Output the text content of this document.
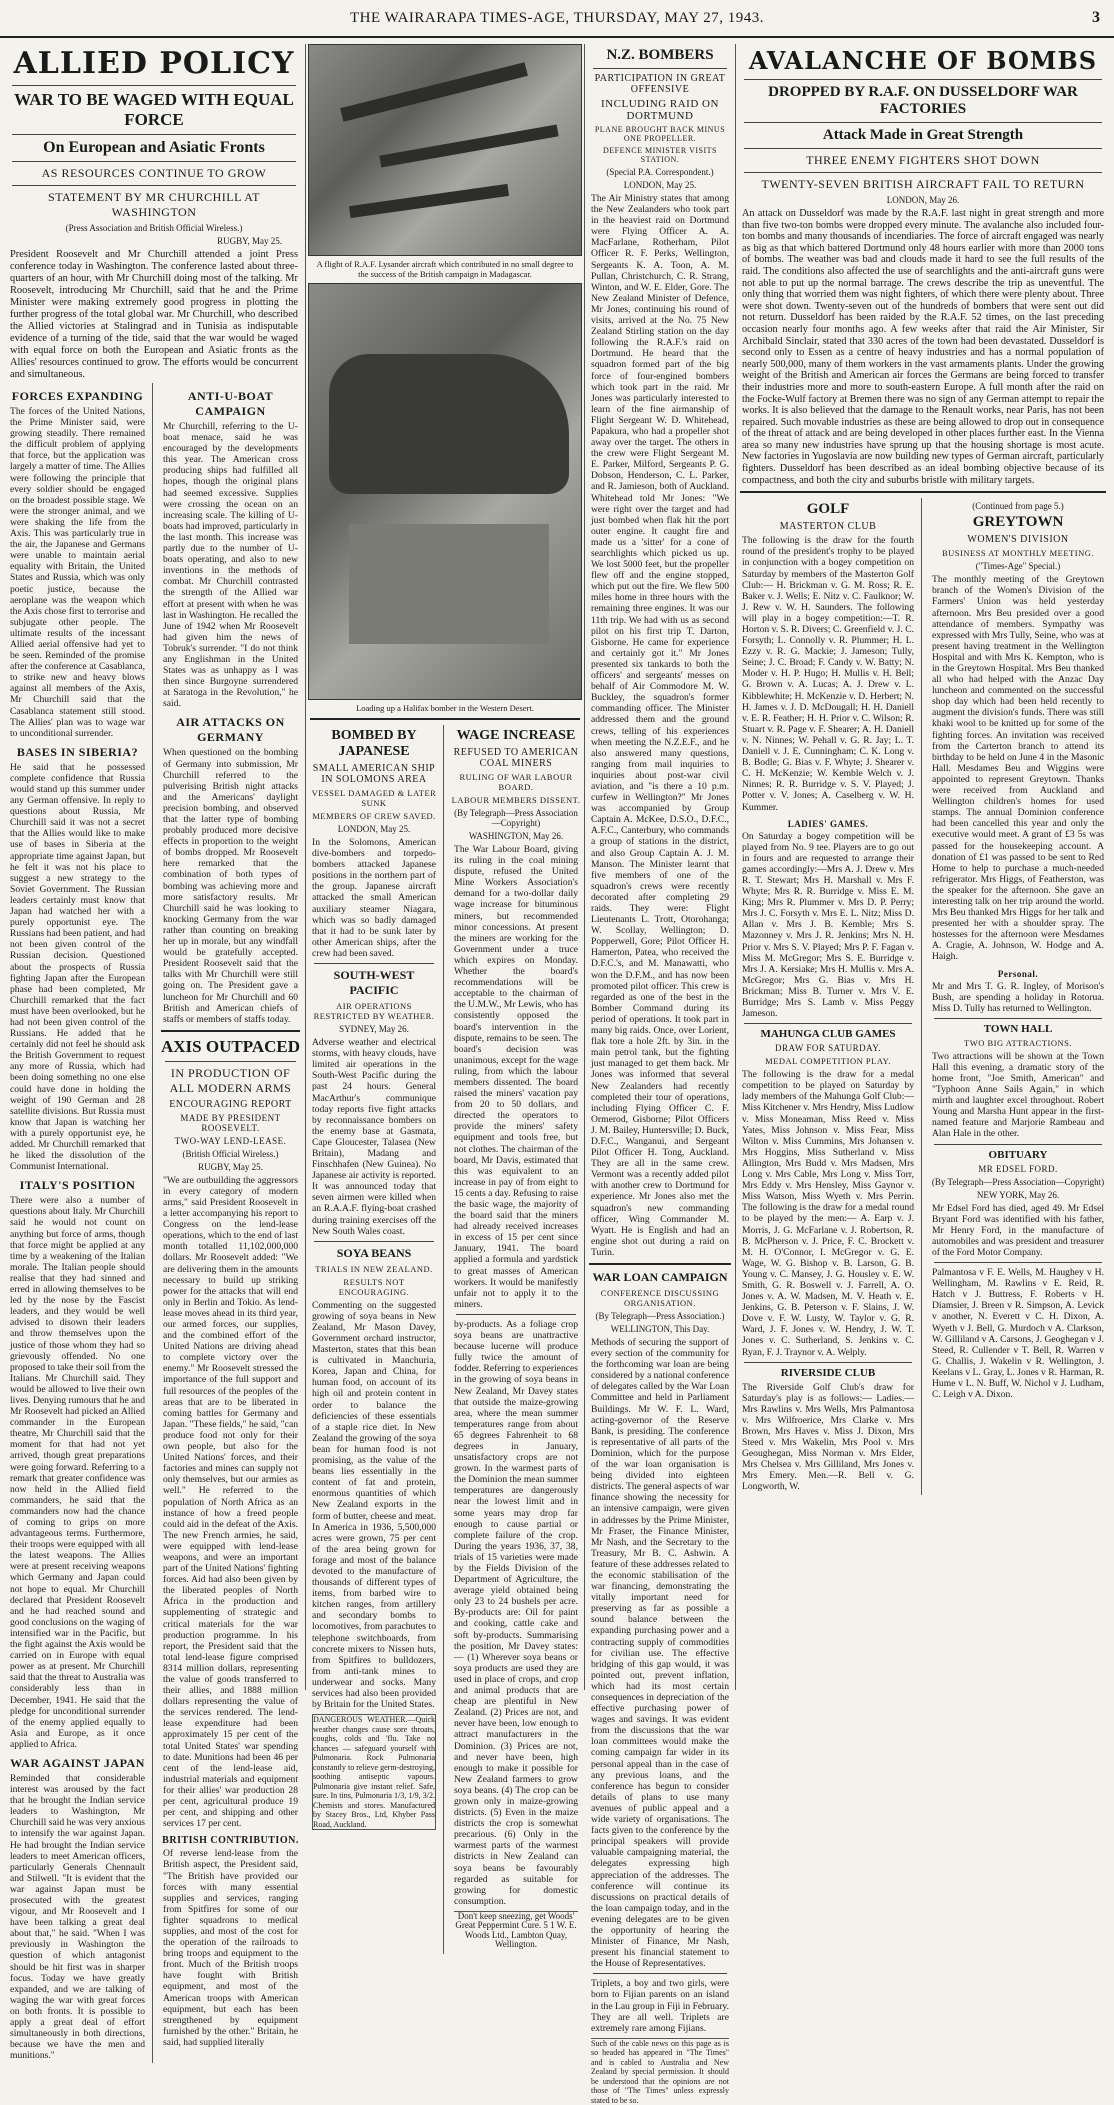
THE WAIRARAPA TIMES-AGE, THURSDAY, MAY 27, 1943.	3
ALLIED POLICY
WAR TO BE WAGED WITH EQUAL FORCE
On European and Asiatic Fronts
AS RESOURCES CONTINUE TO GROW
STATEMENT BY MR CHURCHILL AT WASHINGTON
(Press Association and British Official Wireless.)
RUGBY, May 25.
President Roosevelt and Mr Churchill attended a joint Press conference today in Washington. The conference lasted about three-quarters of an hour, with Mr Churchill doing most of the talking. Mr Roosevelt, introducing Mr Churchill, said that he and the Prime Minister were making extremely good progress in plotting the further progress of the total global war. Mr Churchill, who described the Allied victories at Stalingrad and in Tunisia as indisputable evidence of a turning of the tide, said that the war would be waged with equal force on both the European and Asiatic fronts as the Allies' resources continued to grow. The efforts would be concurrent and simultaneous.
FORCES EXPANDING
The forces of the United Nations, the Prime Minister said, were growing steadily. There remained the difficult problem of applying that force, but the application was largely a matter of time. The Allies were following the principle that every soldier should be engaged on the broadest possible stage. We were the stronger animal, and we were shaking the life from the Axis. This was particularly true in the air, the Japanese and Germans were unable to maintain aerial equality with Britain, the United States and Russia, which was only poetic justice, because the aeroplane was the weapon which the Axis chose first to terrorise and subjugate other people. The ultimate results of the incessant Allied aerial offensive had yet to be seen. Reminded of the promise after the conference at Casablanca, to strike new and heavy blows against all members of the Axis, Mr Churchill said that the Casablanca statement still stood. The Allies' plan was to wage war to unconditional surrender.
BASES IN SIBERIA?
He said that he possessed complete confidence that Russia would stand up this summer under any German offensive. In reply to questions about Russia, Mr Churchill said it was not a secret that the Allies would like to make use of bases in Siberia at the appropriate time against Japan, but he felt it was not his place to suggest a new strategy to the Soviet Government. The Russian leaders certainly must know that Japan had watched her with a purely opportunist eye. The Russians had been patient, and had not been given control of the Russian decision. Questioned about the prospects of Russia fighting Japan after the European phase had been completed, Mr Churchill remarked that the fact must have been overlooked, but he had not been given control of the Russians. He added that he certainly did not feel he should ask the British Government to request any more of Russia, which had been doing something no one else could have done in holding the weight of 190 German and 28 satellite divisions. But Russia must know that Japan is watching her with a purely opportunist eye, he added. Mr Churchill remarked that he liked the dissolution of the Communist International.
ITALY'S POSITION
There were also a number of questions about Italy. Mr Churchill said he would not count on anything but force of arms, though that force might be applied at any time by a weakening of the Italian morale. The Italian people should realise that they had sinned and erred in allowing themselves to be led by the nose by the Fascist leaders, and they would be well advised to disown their leaders and throw themselves upon the justice of those whom they had so grievously offended. No one proposed to take their soil from the Italians. Mr Churchill said. They would be allowed to live their own lives. Denying rumours that he and Mr Roosevelt had picked an Allied commander in the European theatre, Mr Churchill said that the moment for that had not yet arrived, though great preparations were going forward. Referring to a remark that greater confidence was now held in the Allied field commanders, he said that the commanders now had the chance of coming to grips on more advantageous terms. Furthermore, their troops were equipped with all the latest weapons. The Allies were at present receiving weapons which Germany and Japan could not hope to equal. Mr Churchill declared that President Roosevelt and he had reached sound and good conclusions on the waging of intensified war in the Pacific, but the fight against the Axis would be carried on in Europe with equal power as at present. Mr Churchill said that the threat to Australia was considerably less than in December, 1941. He said that the pledge for unconditional surrender of the enemy applied equally to Asia and Europe, as it once applied to Africa.
WAR AGAINST JAPAN
Reminded that considerable interest was aroused by the fact that he brought the Indian service leaders to Washington, Mr Churchill said he was very anxious to intensify the war against Japan. He had brought the Indian service leaders to meet American officers, particularly Generals Chennault and Stilwell. "It is evident that the war against Japan must be prosecuted with the greatest vigour, and Mr Roosevelt and I have been talking a great deal about that," he said. "When I was previously in Washington the question of which antagonist should be hit first was in sharper focus. Today we have greatly expanded, and we are talking of waging the war with great forces on both fronts. It is possible to apply a great deal of effort simultaneously in both directions, because we have the men and munitions."
ANTI-U-BOAT CAMPAIGN
Mr Churchill, referring to the U-boat menace, said he was encouraged by the developments this year. The American cross producing ships had fulfilled all hopes, though the original plans had seemed excessive. Supplies were crossing the ocean on an increasing scale. The killing of U-boats had improved, particularly in the last month. This increase was partly due to the number of U-boats operating, and also to new inventions in the methods of combat. Mr Churchill contrasted the strength of the Allied war effort at present with when he was last in Washington. He recalled the June of 1942 when Mr Roosevelt had given him the news of Tobruk's surrender. "I do not think any Englishman in the United States was as unhappy as I was then since Burgoyne surrendered at Saratoga in the Revolution," he said.
AIR ATTACKS ON GERMANY
When questioned on the bombing of Germany into submission, Mr Churchill referred to the pulverising British night attacks and the Americans' daylight precision bombing, and observed that the latter type of bombing probably produced more decisive effects in proportion to the weight of bombs dropped. Mr Roosevelt here remarked that the combination of both types of bombing was achieving more and more satisfactory results. Mr Churchill said he was looking to knocking Germany from the war rather than counting on breaking her up in morale, but any windfall would be gratefully accepted. President Roosevelt said that the talks with Mr Churchill were still going on. The President gave a luncheon for Mr Churchill and 60 British and American chiefs of staffs or members of staffs today.
AXIS OUTPACED
IN PRODUCTION OF ALL MODERN ARMS
ENCOURAGING REPORT
MADE BY PRESIDENT ROOSEVELT.
TWO-WAY LEND-LEASE.
(British Official Wireless.)
RUGBY, May 25.
"We are outbuilding the aggressors in every category of modern arms," said President Roosevelt in a letter accompanying his report to Congress on the lend-lease operations, which to the end of last month totalled 11,102,000,000 dollars. Mr Roosevelt added: "We are delivering them in the amounts necessary to build up striking power for the attacks that will end only in Berlin and Tokio. As lend-lease moves ahead in its third year, our armed forces, our supplies, and the combined effort of the United Nations are driving ahead to complete victory over the enemy." Mr Roosevelt stressed the importance of the full support and full resources of the peoples of the areas that are to be liberated in coming battles for Germany and Japan. "These fields," he said, "can produce food not only for their own people, but also for the United Nations' forces, and their factories and mines can supply not only themselves, but our armies as well." He referred to the population of North Africa as an instance of how a freed people could aid in the defeat of the Axis. The new French armies, he said, were equipped with lend-lease weapons, and were an important part of the United Nations' fighting forces. Aid had also been given by the liberated peoples of North Africa in the production and supplementing of strategic and critical materials for the war production programme. In his report, the President said that the total lend-lease figure comprised 8314 million dollars, representing the value of goods transferred to their allies, and 1888 million dollars representing the value of the services rendered. The lend-lease expenditure had been approximately 15 per cent of the total United States' war spending to date. Munitions had been 46 per cent of the lend-lease aid, industrial materials and equipment for their allies' war production 28 per cent, agricultural produce 19 per cent, and shipping and other services 17 per cent.
BRITISH CONTRIBUTION.
Of reverse lend-lease from the British aspect, the President said, "The British have provided our forces with many essential supplies and services, ranging from Spitfires for some of our fighter squadrons to medical supplies, and most of the cost for the operation of the railroads to bring troops and equipment to the front. Much of the British troops have fought with British equipment, and most of the American troops with American equipment, but each has been strengthened by equipment furnished by the other." Britain, he said, had supplied literally
A flight of R.A.F. Lysander aircraft which contributed in no small degree to the success of the British campaign in Madagascar.
Loading up a Halifax bomber in the Western Desert.
BOMBED BY JAPANESE
SMALL AMERICAN SHIP IN SOLOMONS AREA
VESSEL DAMAGED & LATER SUNK
MEMBERS OF CREW SAVED.
LONDON, May 25.
In the Solomons, American dive-bombers and torpedo-bombers attacked Japanese positions in the northern part of the group. Japanese aircraft attacked the small American auxiliary steamer Niagara, which was so badly damaged that it had to be sunk later by other American ships, after the crew had been saved.
SOUTH-WEST PACIFIC
AIR OPERATIONS RESTRICTED BY WEATHER.
SYDNEY, May 26.
Adverse weather and electrical storms, with heavy clouds, have limited air operations in the South-West Pacific during the past 24 hours. General MacArthur's communique today reports five fight attacks by reconnaissance bombers on the enemy base at Gasmata, Cape Gloucester, Talasea (New Britain), Madang and Finschhafen (New Guinea). No Japanese air activity is reported. It was announced today that seven airmen were killed when an R.A.A.F. flying-boat crashed during training exercises off the New South Wales coast.
SOYA BEANS
TRIALS IN NEW ZEALAND.
RESULTS NOT ENCOURAGING.
Commenting on the suggested growing of soya beans in New Zealand, Mr Mason Davey, Government orchard instructor, Masterton, states that this bean is cultivated in Manchuria, Korea, Japan and China, for human food, on account of its high oil and protein content in order to balance the deficiencies of these essentials of a staple rice diet. In New Zealand the growing of the soya bean for human food is not promising, as the value of the beans lies essentially in the content of fat and protein, enormous quantities of which New Zealand exports in the form of butter, cheese and meat. In America in 1936, 5,500,000 acres were grown, 75 per cent of the area being grown for forage and most of the balance devoted to the manufacture of thousands of different types of items, from barbed wire to kitchen ranges, from artillery and secondary bombs to locomotives, from parachutes to telephone switchboards, from concrete mixers to Nissen huts, from Spitfires to bulldozers, from anti-tank mines to underwear and socks. Many services had also been provided by Britain for the United States.
DANGEROUS WEATHER.—Quick weather changes cause sore throats, coughs, colds and 'flu. Take no chances — safeguard yourself with Pulmonaria. Rock Pulmonaria constantly to relieve germ-destroying, soothing antiseptic vapours. Pulmonaria give instant relief. Safe, sure. In tins, Pulmonaria 1/3, 1/9, 3/2. Chemists and stores. Manufactured by Stacey Bros., Ltd, Khyber Pass Road, Auckland.
WAGE INCREASE
REFUSED TO AMERICAN COAL MINERS
RULING OF WAR LABOUR BOARD.
LABOUR MEMBERS DISSENT.
(By Telegraph—Press Association—Copyright)
WASHINGTON, May 26.
The War Labour Board, giving its ruling in the coal mining dispute, refused the United Mine Workers Association's demand for a two-dollar daily wage increase for bituminous miners, but recommended minor concessions. At present the miners are working for the Government under a truce which expires on Monday. Whether the board's recommendations will be acceptable to the chairman of the U.M.W., Mr Lewis, who has consistently opposed the board's intervention in the dispute, remains to be seen. The board's decision was unanimous, except for the wage ruling, from which the labour members dissented. The board raised the miners' vacation pay from 20 to 50 dollars, and directed the operators to provide the miners' safety equipment and tools free, but not clothes. The chairman of the board, Mr Davis, estimated that this was equivalent to an increase in pay of from eight to 15 cents a day. Refusing to raise the basic wage, the majority of the board said that the miners had already received increases in excess of 15 per cent since January, 1941. The board applied a formula and yardstick to great masses of American workers. It would be manifestly unfair not to apply it to the miners.
by-products. As a foliage crop soya beans are unattractive because lucerne will produce fully twice the amount of fodder. Referring to experiences in the growing of soya beans in New Zealand, Mr Davey states that outside the maize-growing area, where the mean summer temperatures range from about 65 degrees Fahrenheit to 68 degrees in January, unsatisfactory crops are not grown. In the warmest parts of the Dominion the mean summer temperatures are dangerously near the lowest limit and in some years may drop far enough to cause partial or complete failure of the crop. During the years 1936, 37, 38, trials of 15 varieties were made by the Fields Division of the Department of Agriculture, the average yield obtained being only 23 to 24 bushels per acre. By-products are: Oil for paint and cooking, cattle cake and soft by-products. Summarising the position, Mr Davey states:— (1) Wherever soya beans or soya products are used they are used in place of crops, and crop and animal products that are cheap are plentiful in New Zealand. (2) Prices are not, and never have been, low enough to attract manufacturers in the Dominion. (3) Prices are not, and never have been, high enough to make it possible for New Zealand farmers to grow soya beans. (4) The crop can be grown only in maize-growing districts. (5) Even in the maize districts the crop is somewhat precarious. (6) Only in the warmest parts of the warmest districts in New Zealand can soya beans be favourably regarded as suitable for growing for domestic consumption.
Don't keep sneezing, get Woods' Great Peppermint Cure. 5 1 W. E. Woods Ltd., Lambton Quay, Wellington.
N.Z. BOMBERS
PARTICIPATION IN GREAT OFFENSIVE
INCLUDING RAID ON DORTMUND
PLANE BROUGHT BACK MINUS ONE PROPELLER.
DEFENCE MINISTER VISITS STATION.
(Special P.A. Correspondent.)
LONDON, May 25.
The Air Ministry states that among the New Zealanders who took part in the heaviest raid on Dortmund were Flying Officer A. A. MacFarlane, Rotherham, Pilot Officer R. F. Perks, Wellington, Sergeants K. A. Toon, A. M. Pullan, Christchurch, C. R. Strang, Winton, and W. E. Elder, Gore. The New Zealand Minister of Defence, Mr Jones, continuing his round of visits, arrived at the No. 75 New Zealand Stirling station on the day following the R.A.F.'s raid on Dortmund. He heard that the squadron formed part of the big force of four-engined bombers which took part in the raid. Mr Jones was particularly interested to learn of the fine airmanship of Flight Sergeant W. D. Whitehead, Papakura, who had a propeller shot away over the target. The others in the crew were Flight Sergeant M. E. Parker, Milford, Sergeants P. G. Dobson, Henderson, C. L. Parker, and R. Jamieson, both of Auckland. Whitehead told Mr Jones: "We were right over the target and had just bombed when flak hit the port outer engine. It caught fire and made us a 'sitter' for a cone of searchlights which picked us up. We lost 5000 feet, but the propeller flew off and the engine stopped, which put out the fire. We flew 500 miles home in three hours with the remaining three engines. It was our 11th trip. We had with us as second pilot on his first trip T. Darton, Gisborne. He came for experience and certainly got it." Mr Jones presented six tankards to both the officers' and sergeants' messes on behalf of Air Commodore M. W. Buckley, the squadron's former commanding officer. The Minister addressed them and the ground crews, telling of his experiences when meeting the N.Z.E.F., and he also answered many questions, ranging from mail inquiries to inquiries about post-war civil aviation, and "is there a 10 p.m. curfew in Wellington?" Mr Jones was accompanied by Group Captain A. McKee, D.S.O., D.F.C., A.F.C., Canterbury, who commands a group of stations in the district, and also Group Captain A. J. M. Manson. The Minister learnt that five members of one of the squadron's crews were recently decorated after completing 29 raids. They were: Flight Lieutenants L. Trott, Otorohanga; W. Scollay, Wellington; D. Popperwell, Gore; Pilot Officer H. Hamerton, Patea, who received the D.F.C.'s, and M. Manawatti, who won the D.F.M., and has now been promoted pilot officer. This crew is regarded as one of the best in the Bomber Command during its period of operations. It took part in many big raids. Once, over Lorient, flak tore a hole 2ft. by 3in. in the main petrol tank, but the fighting just managed to get them back. Mr Jones was informed that several New Zealanders had recently completed their tour of operations, including Flying Officer C. F. Ormerod, Gisborne; Pilot Officers J. M. Bailey, Huntersville; D. Buck, D.F.C., Wanganui, and Sergeant Pilot Officer H. Tong, Auckland. They are all in the same crew. Vermont was a recently added pilot with another crew to Dortmund for experience. Mr Jones also met the squadron's new commanding officer, Wing Commander M. Wyatt. He is English and had an engine shot out during a raid on Turin.
WAR LOAN CAMPAIGN
CONFERENCE DISCUSSING ORGANISATION.
(By Telegraph—Press Association.)
WELLINGTON, This Day.
Methods of securing the support of every section of the community for the forthcoming war loan are being considered by a national conference of delegates called by the War Loan Committee and held in Parliament Buildings. Mr W. F. L. Ward, acting-governor of the Reserve Bank, is presiding. The conference is representative of all parts of the Dominion, which for the purpose of the war loan organisation is being divided into eighteen districts. The general aspects of war finance showing the necessity for an intensive campaign, were given in addresses by the Prime Minister, Mr Fraser, the Finance Minister, Mr Nash, and the Secretary to the Treasury, Mr B. C. Ashwin. A feature of these addresses related to the economic stabilisation of the war financing, demonstrating the vitally important need for preserving as far as possible a sound balance between the expanding purchasing power and a contracting supply of commodities for civilian use. The effective bridging of this gap would, it was pointed out, prevent inflation, which had its most certain consequences in depreciation of the effective purchasing power of wages and savings. It was evident from the discussions that the war loan committees would make the coming campaign far wider in its personal appeal than in the case of any previous loans, and the conference has begun to consider details of plans to use many avenues of public appeal and a wide variety of organisations. The facts given to the conference by the principal speakers will provide valuable campaigning material, the delegates expressing high appreciation of the addresses. The conference will continue its discussions on practical details of the loan campaign today, and in the evening delegates are to be given the opportunity of hearing the Minister of Finance, Mr Nash, present his financial statement to the House of Representatives.
Triplets, a boy and two girls, were born to Fijian parents on an island in the Lau group in Fiji in February. They are all well. Triplets are extremely rare among Fijians.
Such of the cable news on this page as is so headed has appeared in "The Times" and is cabled to Australia and New Zealand by special permission. It should be understood that the opinions are not those of "The Times" unless expressly stated to be so.
AVALANCHE OF BOMBS
DROPPED BY R.A.F. ON DUSSELDORF WAR FACTORIES
Attack Made in Great Strength
THREE ENEMY FIGHTERS SHOT DOWN
TWENTY-SEVEN BRITISH AIRCRAFT FAIL TO RETURN
LONDON, May 26.
An attack on Dusseldorf was made by the R.A.F. last night in great strength and more than five two-ton bombs were dropped every minute. The avalanche also included four-ton bombs and many thousands of incendiaries. The force of aircraft engaged was nearly as big as that which battered Dortmund only 48 hours earlier with more than 2000 tons of bombs. The weather was bad and clouds made it hard to see the full results of the raid. The conditions also affected the use of searchlights and the anti-aircraft guns were not able to put up the normal barrage. The crews describe the trip as uneventful. The only thing that worried them was night fighters, of which there were plenty about. Three were shot down. Twenty-seven out of the hundreds of bombers that were sent out did not return. Dusseldorf has been raided by the R.A.F. 52 times, on the last preceding occasion nearly four months ago. A few weeks after that raid the Air Minister, Sir Archibald Sinclair, stated that 330 acres of the town had been devastated. Dusseldorf is second only to Essen as a centre of heavy industries and has a normal population of nearly 500,000, many of them workers in the vast armaments plants. Under the growing weight of the British and American air forces the Germans are being forced to transfer their industries more and more to south-eastern Europe. A full month after the raid on the Focke-Wulf factory at Bremen there was no sign of any German attempt to repair the works. It is also believed that the damage to the Renault works, near Paris, has not been repaired. Such movable industries as these are being allowed to drop out in consequence of the threat of attack and are being developed in other places further east. In the Vienna area so many new industries have sprung up that the housing shortage is most acute. New factories in Yugoslavia are now building new types of German aircraft, particularly fighters. Dusseldorf has been described as an ideal bombing objective because of its compactness, and both the city and suburbs bristle with military targets.
GOLF
MASTERTON CLUB
The following is the draw for the fourth round of the president's trophy to be played in conjunction with a bogey competition on Saturday by members of the Masterton Golf Club:— H. Brickman v. G. M. Ross; R. E. Baker v. J. Wells; E. Nitz v. C. Faulknor; W. J. Rew v. W. H. Saunders. The following will play in a bogey competition:—T. R. Horton v. S. R. Divers; C. Greenfield v. J. C. Forsyth; L. Connolly v. R. Plummer; H. L. Ezzy v. R. G. Mackie; J. Jameson; Tully, Seine; J. C. Broad; F. Candy v. W. Batty; N. Moder v. H. P. Hugo; H. Mullis v. H. Bell; G. Brown v. A. Lucas; A. J. Drew v. L. Kibblewhite; H. McKenzie v. D. Herbert; N. H. James v. J. D. McDougall; H. H. Daniell v. E. R. Feather; H. H. Prior v. C. Wilson; R. Stuart v. R. Page v. F. Shearer; A. H. Daniell v. N. Ninnes; W. Pehall v. G. R. Jay; L. T. Daniell v. J. E. Cunningham; C. K. Long v. B. Bodle; G. Bias v. F. Whyte; J. Shearer v. C. H. McKenzie; W. Kemble Welch v. J. Ninnes; R. R. Burridge v. S. V. Played; J. Potter v. V. Jones; A. Caselberg v. W. H. Kummer.
LADIES' GAMES.
On Saturday a bogey competition will be played from No. 9 tee. Players are to go out in fours and are requested to arrange their games accordingly:—Mrs A. J. Drew v. Mrs R. T. Stewart; Mrs H. Marshall v. Mrs F. Whyte; Mrs R. R. Burridge v. Miss E. M. King; Mrs R. Plummer v. Mrs D. P. Perry; Mrs J. C. Forsyth v. Mrs E. L. Nitz; Miss D. Allan v. Mrs J. B. Kemble; Mrs S. Mazonney v. Mrs J. R. Jenkins; Mrs N. H. Prior v. Mrs S. V. Played; Mrs P. F. Fagan v. Miss M. McGregor; Mrs S. E. Burridge v. Mrs J. A. Kersiake; Mrs H. Mullis v. Mrs A. McGregor; Mrs G. Bias v. Mrs H. Brickman; Miss B. Turner v. Mrs V. E. Burridge; Mrs S. Lamb v. Miss Peggy Jameson.
MAHUNGA CLUB GAMES
DRAW FOR SATURDAY.
MEDAL COMPETITION PLAY.
The following is the draw for a medal competition to be played on Saturday by lady members of the Mahunga Golf Club:— Miss Kitchener v. Mrs Hendry, Miss Ludlow v. Miss Moneaman, Miss Reed v. Miss Yates, Miss Johnson v. Miss Fear, Miss Wilton v. Miss Cummins, Mrs Johansen v. Mrs Hoggins, Miss Sutherland v. Miss Allington, Mrs Budd v. Mrs Madsen, Mrs Long v. Mrs Cable, Mrs Long v. Miss Torr, Mrs Eddy v. Mrs Hensley, Miss Gaynor v. Miss Watson, Miss Wyeth v. Mrs Perrin. The following is the draw for a medal round to be played by the men:— A. Earp v. J. Morris, J. G. McFarlane v. J. Robertson, R. B. McPherson v. J. Price, F. C. Brockett v. M. H. O'Connor, I. McGregor v. G. E. Wage, W. G. Bishop v. B. Larson, G. B. Young v. C. Mansey, J. G. Housley v. E. W. Smith, G. R. Boswell v. J. Farrell, A. O. Jones v. A. W. Madsen, M. V. Heath v. E. Jenkins, G. B. Peterson v. F. Slains, J. W. Dove v. F. W. Lusty, W. Taylor v. G. R. Ward, J. F. Jones v. W. Hendry, J. W. T. Jones v. C. Sutherland, S. Jenkins v. C. Ryan, F. J. Traynor v. A. Welply.
RIVERSIDE CLUB
The Riverside Golf Club's draw for Saturday's play is as follows:— Ladies.—Mrs Rawlins v. Mrs Wells, Mrs Palmantosa v. Mrs Wilfroerice, Mrs Clarke v. Mrs Brown, Mrs Haves v. Miss J. Dixon, Mrs Steed v. Mrs Wakelin, Mrs Pool v. Mrs Geoughegan, Miss Norman v. Mrs Elder, Mrs Chelsea v. Mrs Gilliland, Mrs Jones v. Mrs Emery. Men.—R. Bell v. G. Longworth, W.
(Continued from page 5.)
GREYTOWN
WOMEN'S DIVISION
BUSINESS AT MONTHLY MEETING.
("Times-Age" Special.)
The monthly meeting of the Greytown branch of the Women's Division of the Farmers' Union was held yesterday afternoon. Mrs Beu presided over a good attendance of members. Sympathy was expressed with Mrs Tully, Seine, who was at present having treatment in the Wellington Hospital and with Mrs K. Kempton, who is in the Greytown Hospital. Mrs Beu thanked all who had helped with the Anzac Day luncheon and commented on the successful shop day which had been held recently to augment the division's funds. There was still khaki wool to be knitted up for some of the fighting forces. An invitation was received from the Carterton branch to attend its birthday to be held on June 4 in the Masonic Hall. Mesdames Beu and Wiggins were appointed to represent Greytown. Thanks were received from Auckland and Wellington children's homes for used stamps. The annual Dominion conference had been cancelled this year and only the executive would meet. A grant of £3 5s was passed for the housekeeping account. A donation of £1 was passed to be sent to Red Home to help to purchase a much-needed refrigerator. Mrs Higgs, of Featherston, was the speaker for the afternoon. She gave an interesting talk on her trip around the world. Mrs Beu thanked Mrs Higgs for her talk and presented her with a shoulder spray. The hostesses for the afternoon were Mesdames A. Cragie, A. Johnson, W. Hodge and A. Haigh.
Personal.
Mr and Mrs T. G. R. Ingley, of Morison's Bush, are spending a holiday in Rotorua. Miss D. Tully has returned to Wellington.
TOWN HALL
TWO BIG ATTRACTIONS.
Two attractions will be shown at the Town Hall this evening, a dramatic story of the home front, "Joe Smith, American" and "Typhoon Anne Sails Again," in which mirth and laughter excel throughout. Robert Young and Marsha Hunt appear in the first-named feature and Marjorie Rambeau and Alan Hale in the other.
OBITUARY
MR EDSEL FORD.
(By Telegraph—Press Association—Copyright)
NEW YORK, May 26.
Mr Edsel Ford has died, aged 49. Mr Edsel Bryant Ford was identified with his father, Mr Henry Ford, in the manufacture of automobiles and was president and treasurer of the Ford Motor Company.
Palmantosa v F. E. Wells, M. Haughey v H. Wellingham, M. Rawlins v E. Reid, R. Hatch v J. Buttress, F. Roberts v H. Diamsier, J. Breen v R. Simpson, A. Levick v another, N. Everett v C. H. Dixon, A. Wyeth v J. Bell, G. Murdoch v A. Clarkson, W. Gilliland v A. Carsons, J. Geoghegan v J. Steed, R. Cullender v T. Bell, R. Warren v G. Challis, J. Wakelin v R. Wellington, J. Keelans v L. Gray, L. Jones v R. Harman, R. Hume v L. N. Buff, W. Nichol v J. Ludham, C. Leigh v A. Dixon.
